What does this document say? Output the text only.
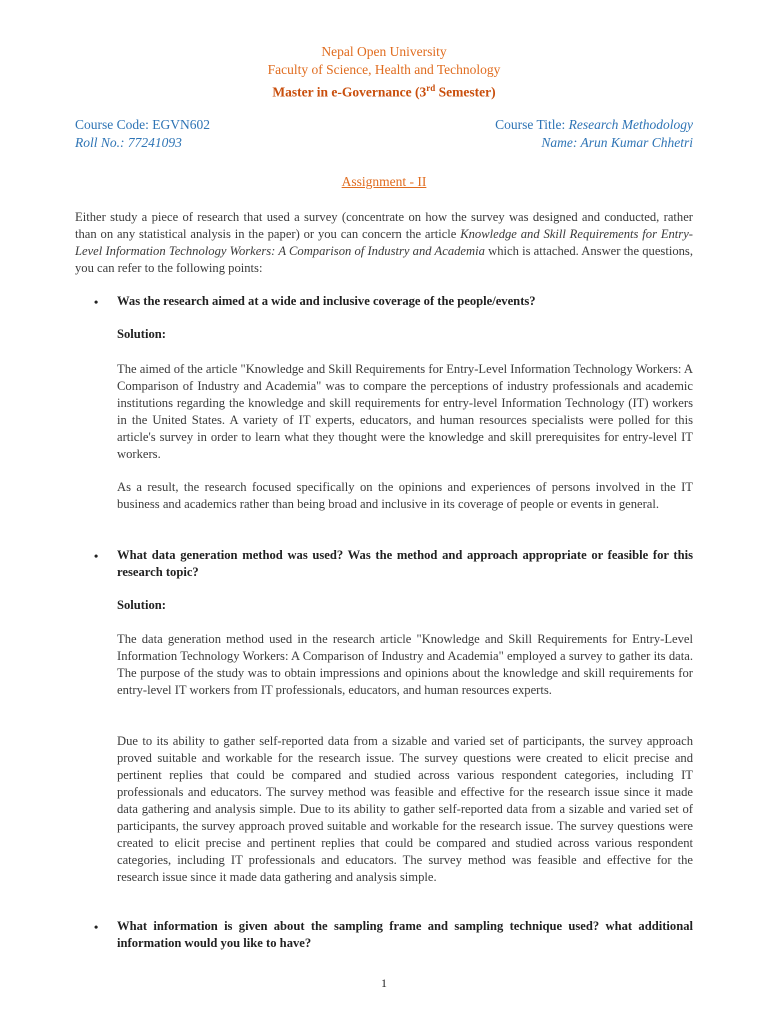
Nepal Open University
Faculty of Science, Health and Technology
Master in e-Governance (3rd Semester)
Course Code: EGVN602	Course Title: Research Methodology
Roll No.: 77241093	Name: Arun Kumar Chhetri
Assignment - II
Either study a piece of research that used a survey (concentrate on how the survey was designed and conducted, rather than on any statistical analysis in the paper) or you can concern the article Knowledge and Skill Requirements for Entry-Level Information Technology Workers: A Comparison of Industry and Academia which is attached. Answer the questions, you can refer to the following points:
• Was the research aimed at a wide and inclusive coverage of the people/events?
Solution:
The aimed of the article "Knowledge and Skill Requirements for Entry-Level Information Technology Workers: A Comparison of Industry and Academia" was to compare the perceptions of industry professionals and academic institutions regarding the knowledge and skill requirements for entry-level Information Technology (IT) workers in the United States. A variety of IT experts, educators, and human resources specialists were polled for this article's survey in order to learn what they thought were the knowledge and skill prerequisites for entry-level IT workers.
As a result, the research focused specifically on the opinions and experiences of persons involved in the IT business and academics rather than being broad and inclusive in its coverage of people or events in general.
• What data generation method was used? Was the method and approach appropriate or feasible for this research topic?
Solution:
The data generation method used in the research article "Knowledge and Skill Requirements for Entry-Level Information Technology Workers: A Comparison of Industry and Academia" employed a survey to gather its data. The purpose of the study was to obtain impressions and opinions about the knowledge and skill requirements for entry-level IT workers from IT professionals, educators, and human resources experts.
Due to its ability to gather self-reported data from a sizable and varied set of participants, the survey approach proved suitable and workable for the research issue. The survey questions were created to elicit precise and pertinent replies that could be compared and studied across various respondent categories, including IT professionals and educators. The survey method was feasible and effective for the research issue since it made data gathering and analysis simple. Due to its ability to gather self-reported data from a sizable and varied set of participants, the survey approach proved suitable and workable for the research issue. The survey questions were created to elicit precise and pertinent replies that could be compared and studied across various respondent categories, including IT professionals and educators. The survey method was feasible and effective for the research issue since it made data gathering and analysis simple.
• What information is given about the sampling frame and sampling technique used? what additional information would you like to have?
1
